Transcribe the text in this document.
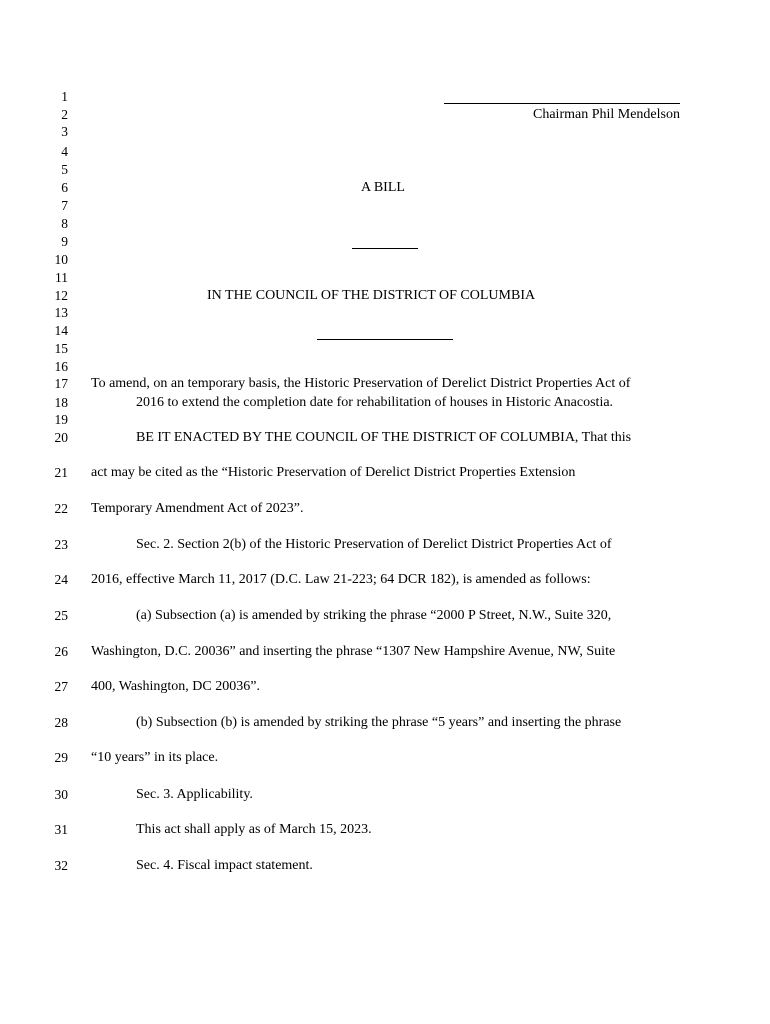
1
2
3
4
5
6
7
8
9
10
11
12
13
14
15
16
17
18
19
20
21
22
23
24
25
26
27
28
29
30
31
32
Chairman Phil Mendelson
A BILL
IN THE COUNCIL OF THE DISTRICT OF COLUMBIA
To amend, on an temporary basis, the Historic Preservation of Derelict District Properties Act of
2016 to extend the completion date for rehabilitation of houses in Historic Anacostia.
BE IT ENACTED BY THE COUNCIL OF THE DISTRICT OF COLUMBIA, That this
act may be cited as the “Historic Preservation of Derelict District Properties Extension
Temporary Amendment Act of 2023”.
Sec. 2. Section 2(b) of the Historic Preservation of Derelict District Properties Act of
2016, effective March 11, 2017 (D.C. Law 21-223; 64 DCR 182), is amended as follows:
(a) Subsection (a) is amended by striking the phrase “2000 P Street, N.W., Suite 320,
Washington, D.C. 20036” and inserting the phrase “1307 New Hampshire Avenue, NW, Suite
400, Washington, DC 20036”.
(b) Subsection (b) is amended by striking the phrase “5 years” and inserting the phrase
“10 years” in its place.
Sec. 3. Applicability.
This act shall apply as of March 15, 2023.
Sec. 4. Fiscal impact statement.
